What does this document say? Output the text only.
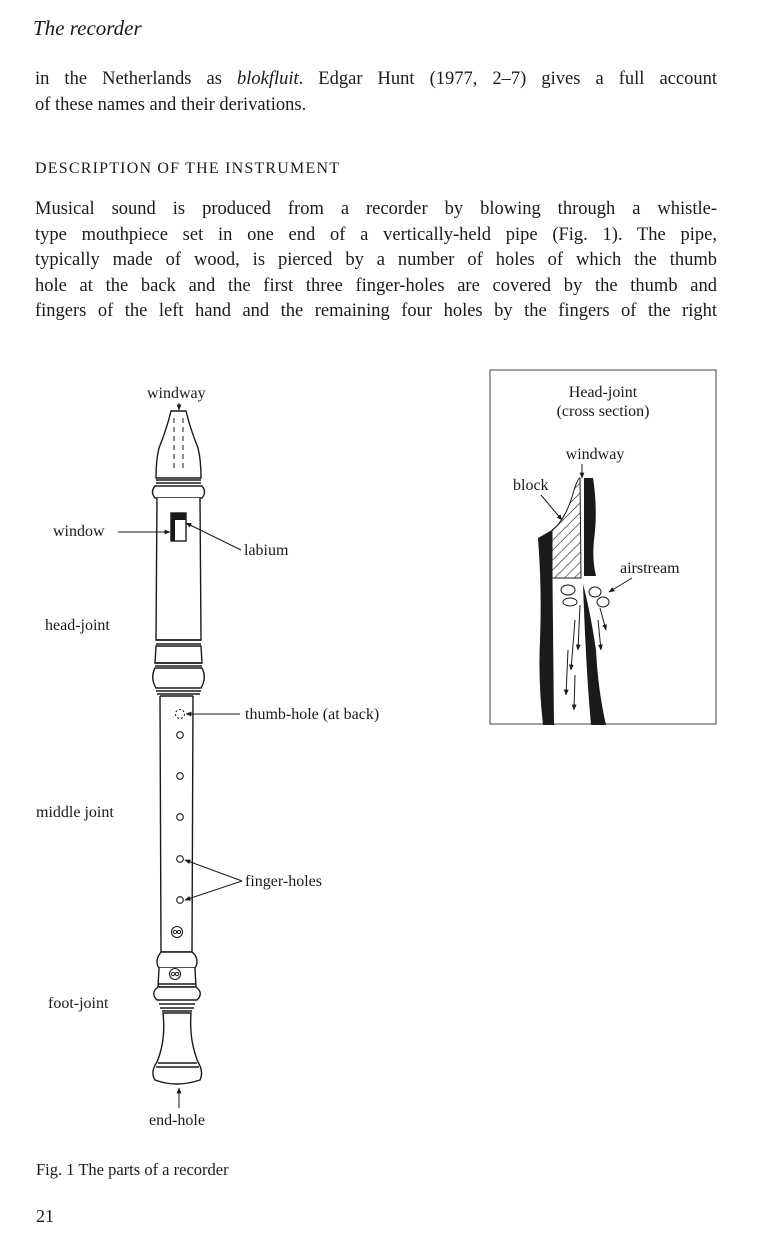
The recorder
in the Netherlands as blokfluit. Edgar Hunt (1977, 2–7) gives a full account
of these names and their derivations.
DESCRIPTION OF THE INSTRUMENT
Musical sound is produced from a recorder by blowing through a whistle-
type mouthpiece set in one end of a vertically-held pipe (Fig. 1). The pipe,
typically made of wood, is pierced by a number of holes of which the thumb
hole at the back and the first three finger-holes are covered by the thumb and
fingers of the left hand and the remaining four holes by the fingers of the right
windway
window
labium
head-joint
thumb-hole (at back)
middle joint
finger-holes
foot-joint
end-hole
Head-joint
(cross section)
windway
block
airstream
Fig. 1 The parts of a recorder
21
